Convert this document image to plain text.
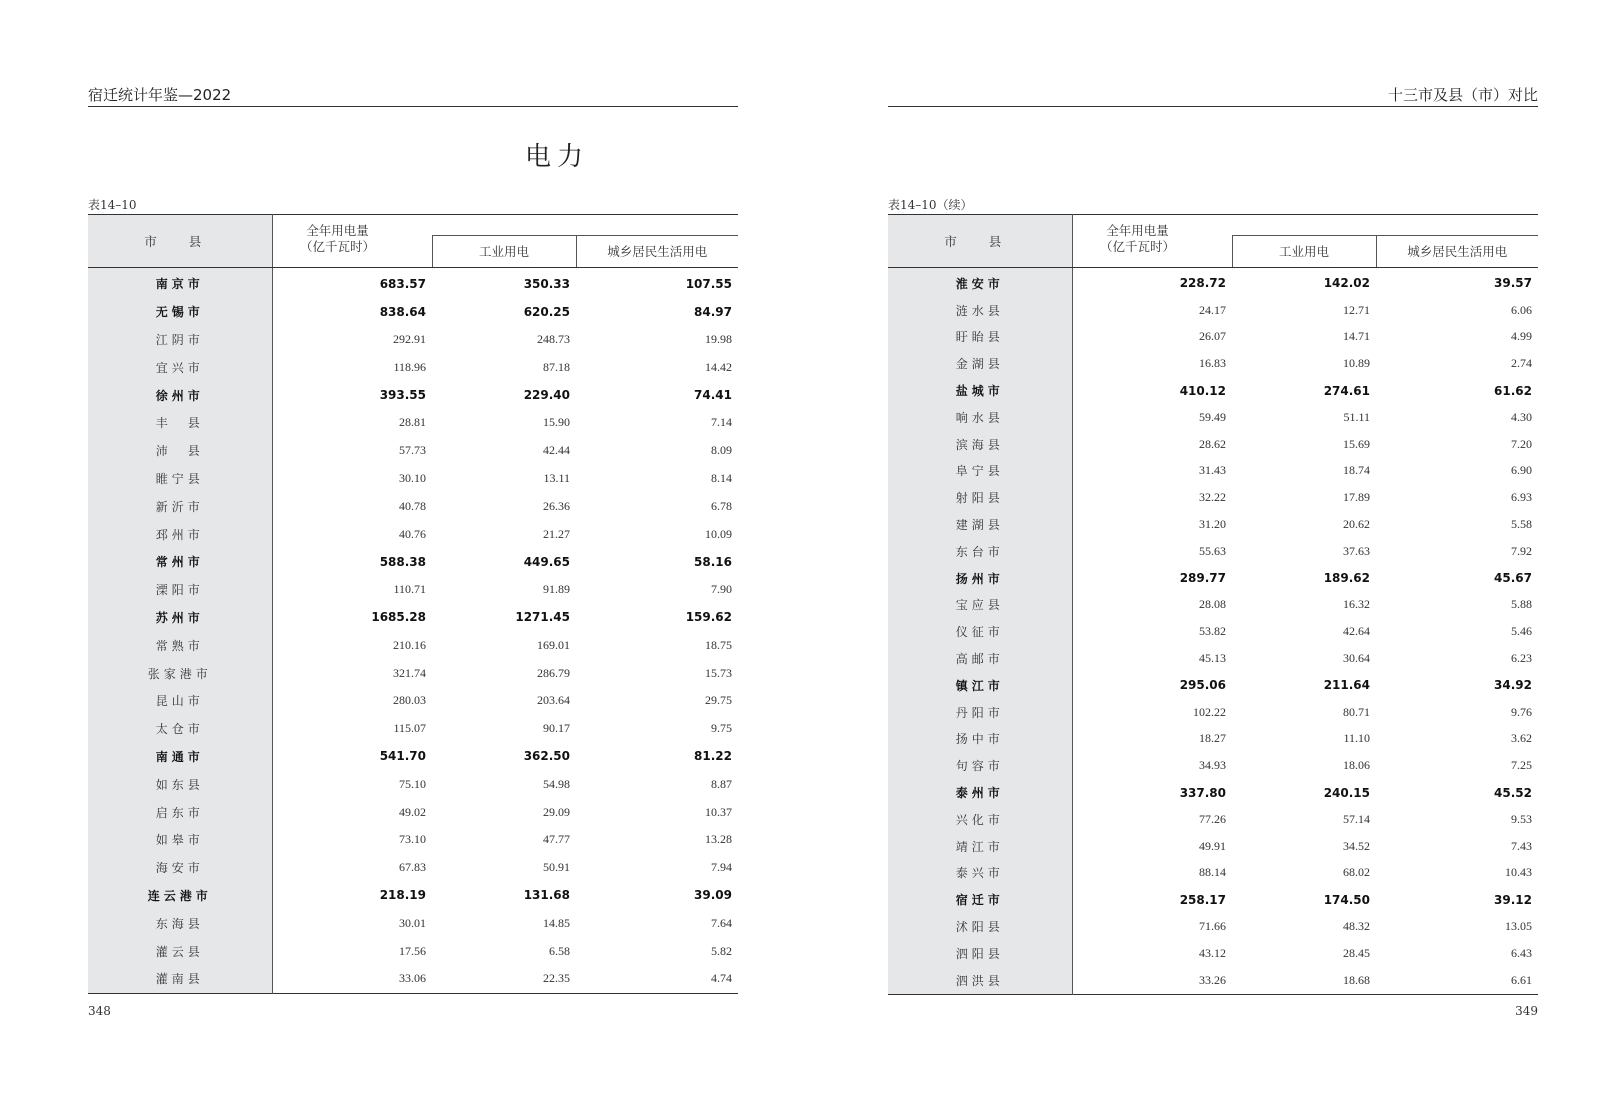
宿迁统计年鉴—2022
电力
表14–10
市 县	全年用电量
（亿千瓦时）		

		工业用电	城乡居民生活用电
南京市	683.57	350.33	107.55
无锡市	838.64	620.25	84.97
江阴市	292.91	248.73	19.98
宜兴市	118.96	87.18	14.42
徐州市	393.55	229.40	74.41
丰　县	28.81	15.90	7.14
沛　县	57.73	42.44	8.09
睢宁县	30.10	13.11	8.14
新沂市	40.78	26.36	6.78
邳州市	40.76	21.27	10.09
常州市	588.38	449.65	58.16
溧阳市	110.71	91.89	7.90
苏州市	1685.28	1271.45	159.62
常熟市	210.16	169.01	18.75
张家港市	321.74	286.79	15.73
昆山市	280.03	203.64	29.75
太仓市	115.07	90.17	9.75
南通市	541.70	362.50	81.22
如东县	75.10	54.98	8.87
启东市	49.02	29.09	10.37
如皋市	73.10	47.77	13.28
海安市	67.83	50.91	7.94
连云港市	218.19	131.68	39.09
东海县	30.01	14.85	7.64
灌云县	17.56	6.58	5.82
灌南县	33.06	22.35	4.74
348
十三市及县（市）对比
表14–10（续）
市 县	全年用电量
（亿千瓦时）		

		工业用电	城乡居民生活用电
淮安市	228.72	142.02	39.57
涟水县	24.17	12.71	6.06
盱眙县	26.07	14.71	4.99
金湖县	16.83	10.89	2.74
盐城市	410.12	274.61	61.62
响水县	59.49	51.11	4.30
滨海县	28.62	15.69	7.20
阜宁县	31.43	18.74	6.90
射阳县	32.22	17.89	6.93
建湖县	31.20	20.62	5.58
东台市	55.63	37.63	7.92
扬州市	289.77	189.62	45.67
宝应县	28.08	16.32	5.88
仪征市	53.82	42.64	5.46
高邮市	45.13	30.64	6.23
镇江市	295.06	211.64	34.92
丹阳市	102.22	80.71	9.76
扬中市	18.27	11.10	3.62
句容市	34.93	18.06	7.25
泰州市	337.80	240.15	45.52
兴化市	77.26	57.14	9.53
靖江市	49.91	34.52	7.43
泰兴市	88.14	68.02	10.43
宿迁市	258.17	174.50	39.12
沭阳县	71.66	48.32	13.05
泗阳县	43.12	28.45	6.43
泗洪县	33.26	18.68	6.61
349
